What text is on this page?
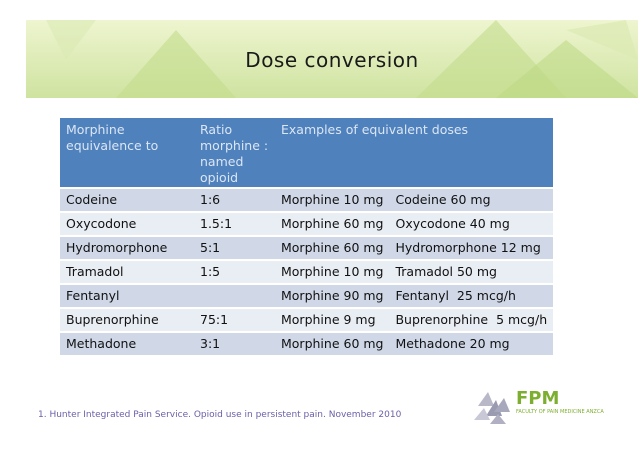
Dose conversion
Morphine equivalence to	Ratio morphine : named opioid	Examples of equivalent doses	
Codeine	1:6	Morphine 10 mg	Codeine 60 mg
Oxycodone	1.5:1	Morphine 60 mg	Oxycodone 40 mg
Hydromorphone	5:1	Morphine 60 mg	Hydromorphone 12 mg
Tramadol	1:5	Morphine 10 mg	Tramadol 50 mg
Fentanyl		Morphine 90 mg	Fentanyl  25 mcg/h
Buprenorphine	75:1	Morphine 9 mg	Buprenorphine  5 mcg/h
Methadone	3:1	Morphine 60 mg	Methadone 20 mg
1. Hunter Integrated Pain Service. Opioid use in persistent pain. November 2010
FPM
FACULTY OF PAIN MEDICINE ANZCA
